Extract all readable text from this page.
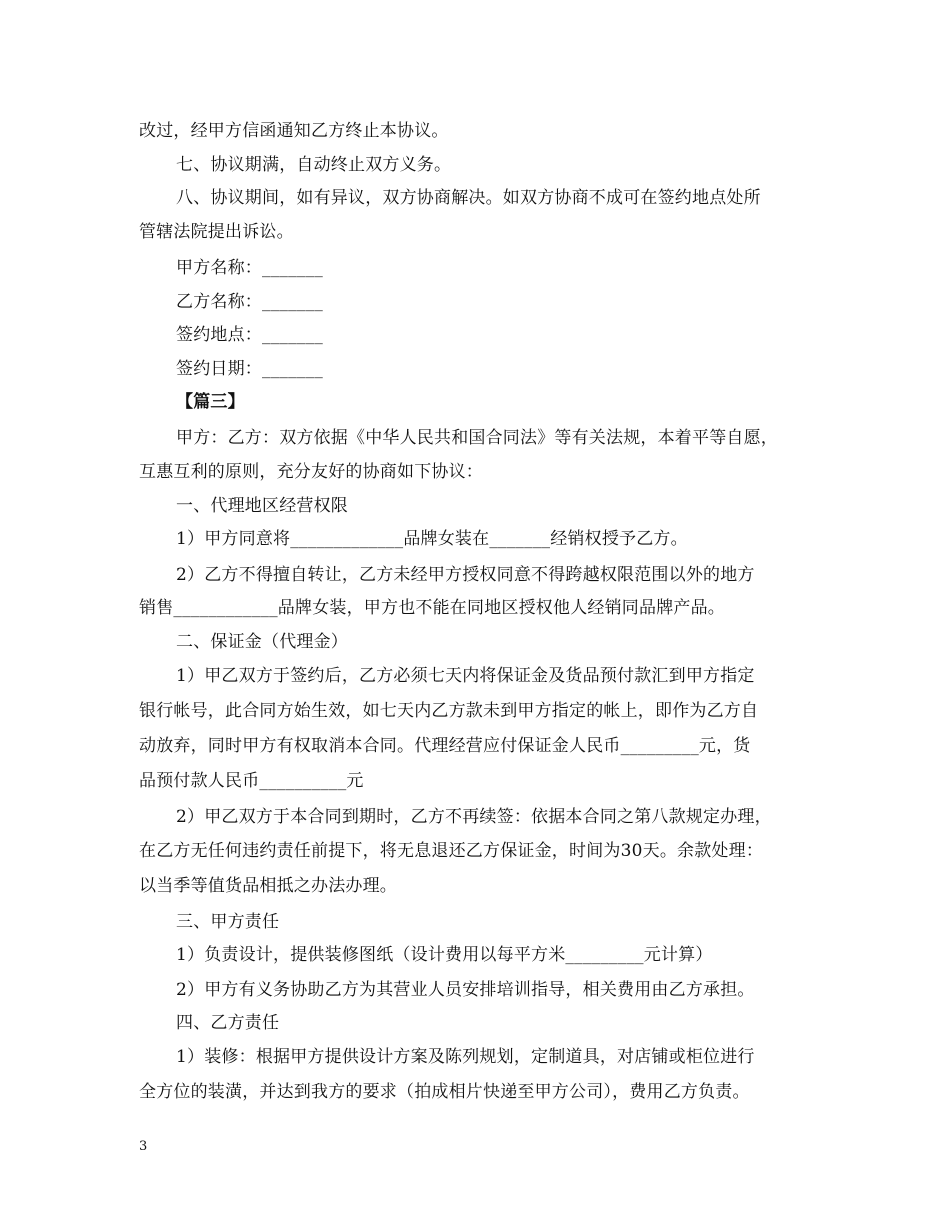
改过，经甲方信函通知乙方终止本协议。
七、协议期满，自动终止双方义务。
八、协议期间，如有异议，双方协商解决。如双方协商不成可在签约地点处所
管辖法院提出诉讼。
甲方名称：_______
乙方名称：_______
签约地点：_______
签约日期：_______
【篇三】
甲方：乙方：双方依据《中华人民共和国合同法》等有关法规，本着平等自愿，
互惠互利的原则，充分友好的协商如下协议：
一、代理地区经营权限
1）甲方同意将_____________品牌女装在_______经销权授予乙方。
2）乙方不得擅自转让，乙方未经甲方授权同意不得跨越权限范围以外的地方
销售____________品牌女装，甲方也不能在同地区授权他人经销同品牌产品。
二、保证金（代理金）
1）甲乙双方于签约后，乙方必须七天内将保证金及货品预付款汇到甲方指定
银行帐号，此合同方始生效，如七天内乙方款未到甲方指定的帐上，即作为乙方自
动放弃，同时甲方有权取消本合同。代理经营应付保证金人民币_________元，货
品预付款人民币__________元
2）甲乙双方于本合同到期时，乙方不再续签：依据本合同之第八款规定办理，
在乙方无任何违约责任前提下，将无息退还乙方保证金，时间为30天。余款处理：
以当季等值货品相抵之办法办理。
三、甲方责任
1）负责设计，提供装修图纸（设计费用以每平方米_________元计算）
2）甲方有义务协助乙方为其营业人员安排培训指导，相关费用由乙方承担。
四、乙方责任
1）装修：根据甲方提供设计方案及陈列规划，定制道具，对店铺或柜位进行
全方位的装潢，并达到我方的要求（拍成相片快递至甲方公司），费用乙方负责。
3
